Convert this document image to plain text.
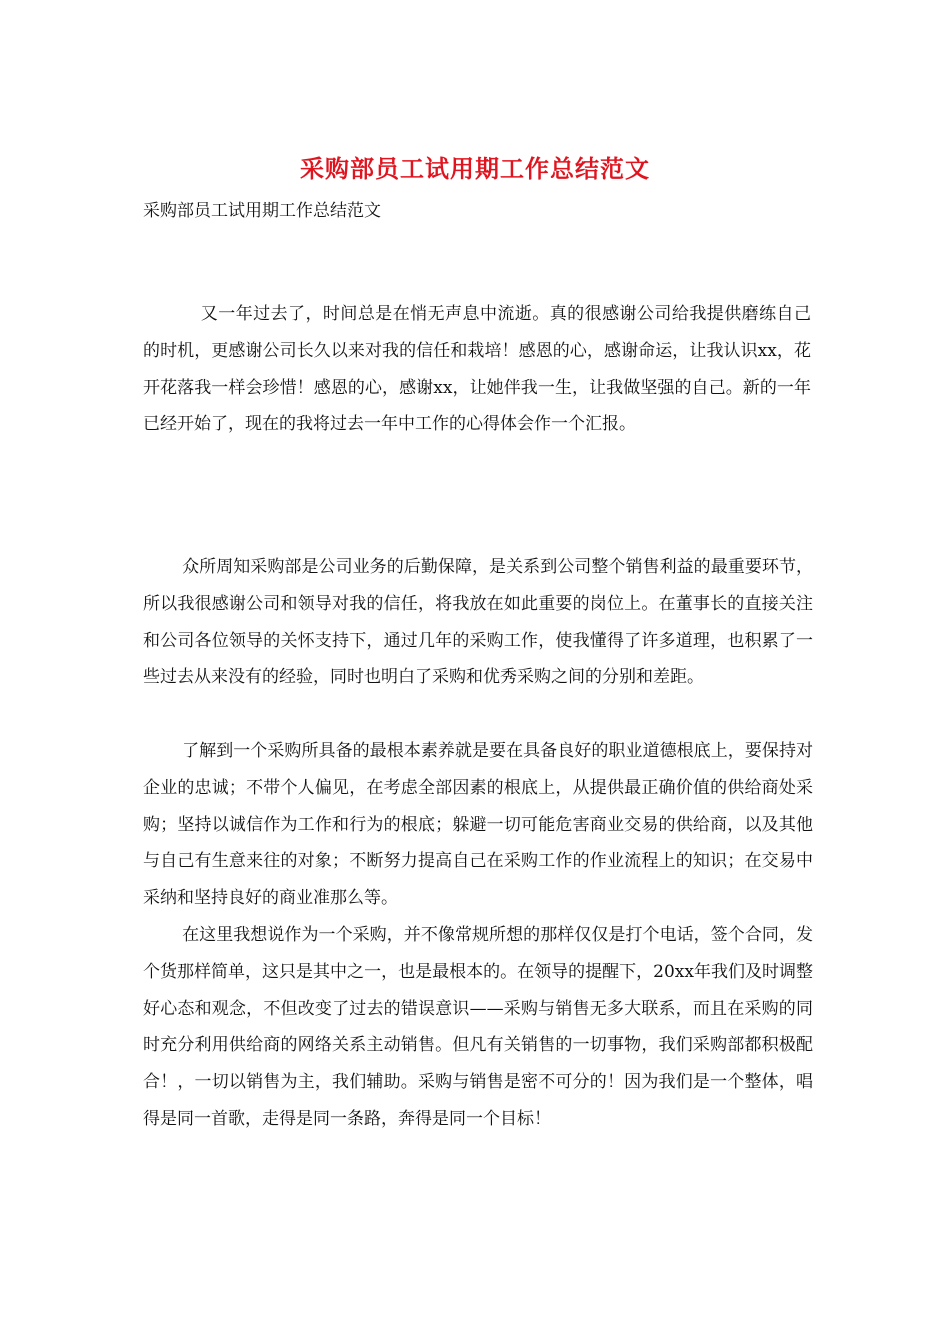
采购部员工试用期工作总结范文

采购部员工试用期工作总结范文

又一年过去了，时间总是在悄无声息中流逝。真的很感谢公司给我提供磨练自己的时机，更感谢公司长久以来对我的信任和栽培！感恩的心，感谢命运，让我认识xx，花开花落我一样会珍惜！感恩的心，感谢xx，让她伴我一生，让我做坚强的自己。新的一年已经开始了，现在的我将过去一年中工作的心得体会作一个汇报。

众所周知采购部是公司业务的后勤保障，是关系到公司整个销售利益的最重要环节，所以我很感谢公司和领导对我的信任，将我放在如此重要的岗位上。在董事长的直接关注和公司各位领导的关怀支持下，通过几年的采购工作，使我懂得了许多道理，也积累了一些过去从来没有的经验，同时也明白了采购和优秀采购之间的分别和差距。

了解到一个采购所具备的最根本素养就是要在具备良好的职业道德根底上，要保持对企业的忠诚；不带个人偏见，在考虑全部因素的根底上，从提供最正确价值的供给商处采购；坚持以诚信作为工作和行为的根底；躲避一切可能危害商业交易的供给商，以及其他与自己有生意来往的对象；不断努力提高自己在采购工作的作业流程上的知识；在交易中采纳和坚持良好的商业准那么等。

在这里我想说作为一个采购，并不像常规所想的那样仅仅是打个电话，签个合同，发个货那样简单，这只是其中之一，也是最根本的。在领导的提醒下，20xx年我们及时调整好心态和观念，不但改变了过去的错误意识——采购与销售无多大联系，而且在采购的同时充分利用供给商的网络关系主动销售。但凡有关销售的一切事物，我们采购部都积极配合！，一切以销售为主，我们辅助。采购与销售是密不可分的！因为我们是一个整体，唱得是同一首歌，走得是同一条路，奔得是同一个目标！
